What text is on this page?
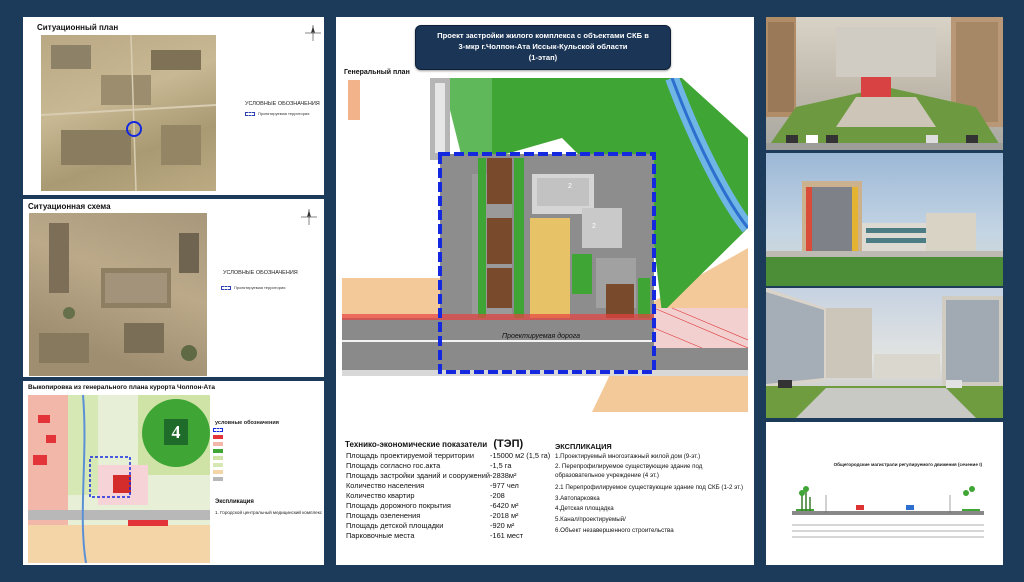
Ситуационный план
УСЛОВНЫЕ ОБОЗНАЧЕНИЯ
Проектируемая территория
Ситуационная схема
УСЛОВНЫЕ ОБОЗНАЧЕНИЯ
Проектируемая территория
Выкопировка из генерального плана курорта Чолпон-Ата
4	условные обозначения
Экспликация
1. Городской центральный медицинский комплекс
Проект застройки жилого комплекса с объектами СКБ в
3-мкр г.Чолпон-Ата Иссык-Кульской области
(1-этап)
Генеральный план
2
2
Проектируемая дорога
Технико-экономические показатели (ТЭП)
Площадь проектируемой территории -15000 м2 (1,5 га)
Площадь согласно гос.акта	-1,5 га
Площадь застройки зданий и сооружений -2838м²
Количество населения	-977 чел
Количество квартир	-208
Площадь дорожного покрытия	-6420 м²
Площадь озеленения	-2018 м²
Площадь детской площадки	-920 м²
Парковочные места	-161 мест
ЭКСПЛИКАЦИЯ
1.Проектируемый многоэтажный жилой дом (9-эт.)
2. Перепрофилируемое существующие здание под
образовательное учреждение (4 эт.)
2.1 Перепрофилируемое существующие здание под СКБ (1-2 эт.)
3.Автопарковка
4.Детская площадка
5.Канал/проектируемый/
6.Объект незавершенного строительства
Общегородские магистрали регулируемого движения (сечение I)
